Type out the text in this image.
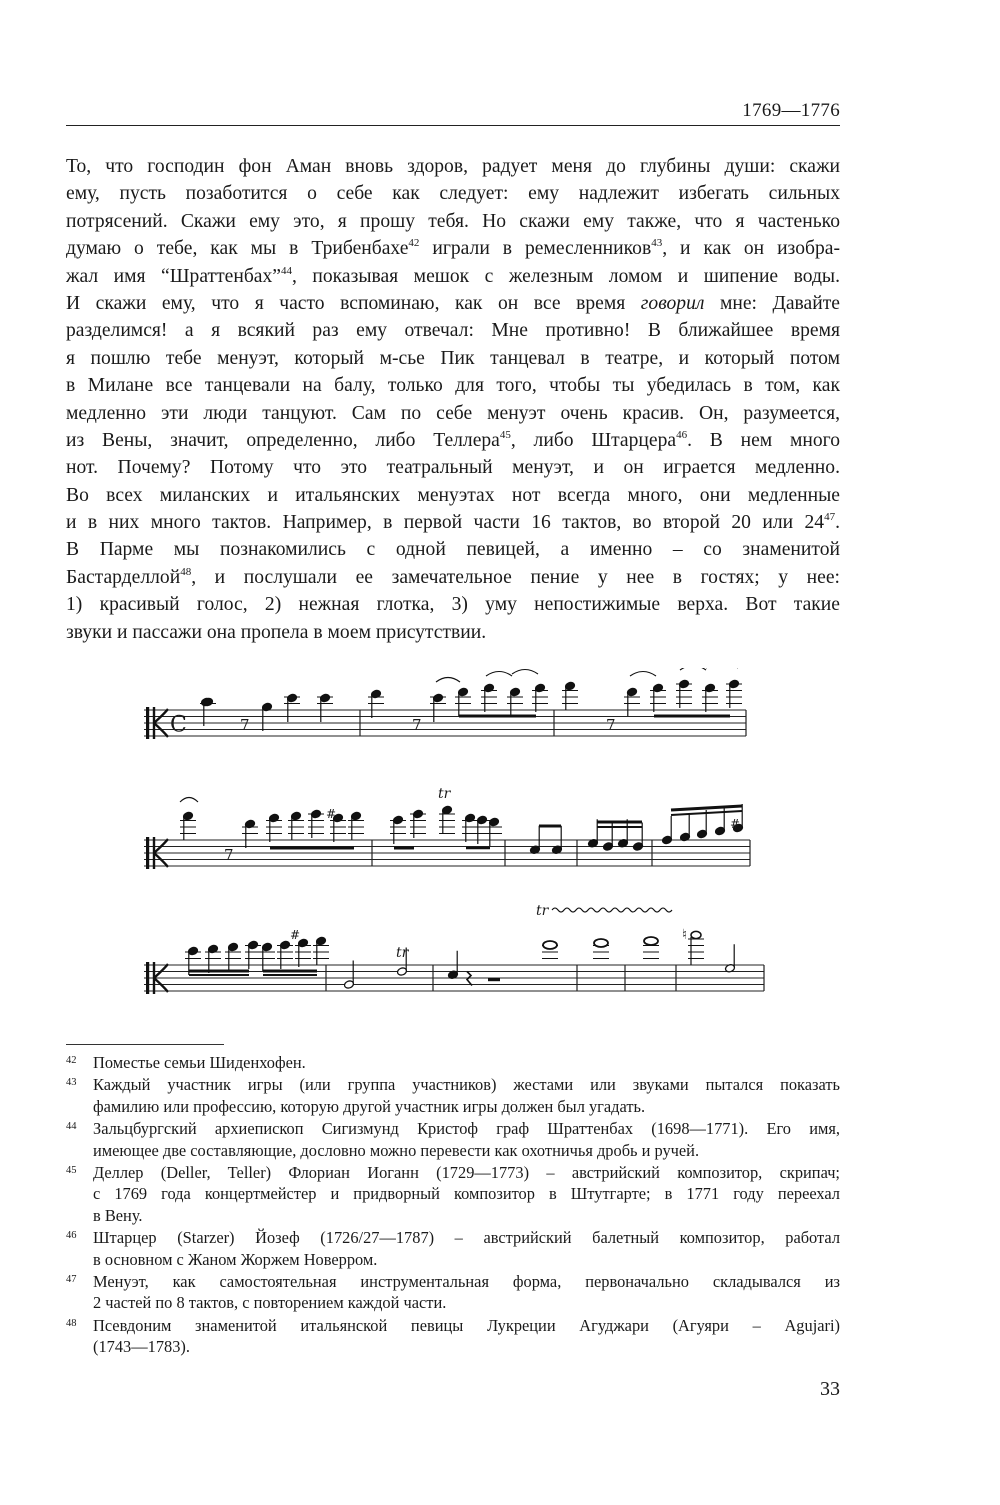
1769—1776
То, что господин фон Аман вновь здоров, радует меня до глубины души: скажи
ему, пусть позаботится о себе как следует: ему надлежит избегать сильных
потрясений. Скажи ему это, я прошу тебя. Но скажи ему также, что я частенько
думаю о тебе, как мы в Трибенбахе$^{42}$ играли в ремесленников$^{43}$, и как он изобра-
жал имя “Шраттенбах”$^{44}$, показывая мешок с железным ломом и шипение воды.
И скажи ему, что я часто вспоминаю, как он все время говорил мне: Давайте
разделимся! а я всякий раз ему отвечал: Мне противно! В ближайшее время
я пошлю тебе менуэт, который м-сье Пик танцевал в театре, и который потом
в Милане все танцевали на балу, только для того, чтобы ты убедилась в том, как
медленно эти люди танцуют. Сам по себе менуэт очень красив. Он, разумеется,
из Вены, значит, определенно, либо Теллера$^{45}$, либо Штарцера$^{46}$. В нем много
нот. Почему? Потому что это театральный менуэт, и он играется медленно.
Во всех миланских и итальянских менуэтах нот всегда много, они медленные
и в них много тактов. Например, в первой части 16 тактов, во второй 20 или $24^{47}$.
В Парме мы познакомились с одной певицей, а именно – со знаменитой
Бастарделлой$^{48}$, и послушали ее замечательное пение у нее в гостях; у нее:
1) красивый голос, 2) нежная глотка, 3) уму непостижимые верха. Вот такие
звуки и пассажи она пропела в моем присутствии.
C	7	7	7
7
#
tr
#
#
tr
tr
♮
42 Поместье семьи Шиденхофен.
43 Каждый участник игры (или группа участников) жестами или звуками пытался показать
фамилию или профессию, которую другой участник игры должен был угадать.
44 Зальцбургский архиепископ Сигизмунд Кристоф граф Шраттенбах (1698—1771). Его имя,
имеющее две составляющие, дословно можно перевести как охотничья дробь и ручей.
45 Деллер (Deller, Teller) Флориан Иоганн (1729—1773) – австрийский композитор, скрипач;
с 1769 года концертмейстер и придворный композитор в Штутгарте; в 1771 году переехал
в Вену.
46 Штарцер (Starzer) Йозеф (1726/27—1787) – австрийский балетный композитор, работал
в основном с Жаном Жоржем Новерром.
47 Менуэт, как самостоятельная инструментальная форма, первоначально складывался из
2 частей по 8 тактов, с повторением каждой части.
48 Псевдоним знаменитой итальянской певицы Лукреции Агуджари (Агуяри – Agujari)
(1743—1783).
33
